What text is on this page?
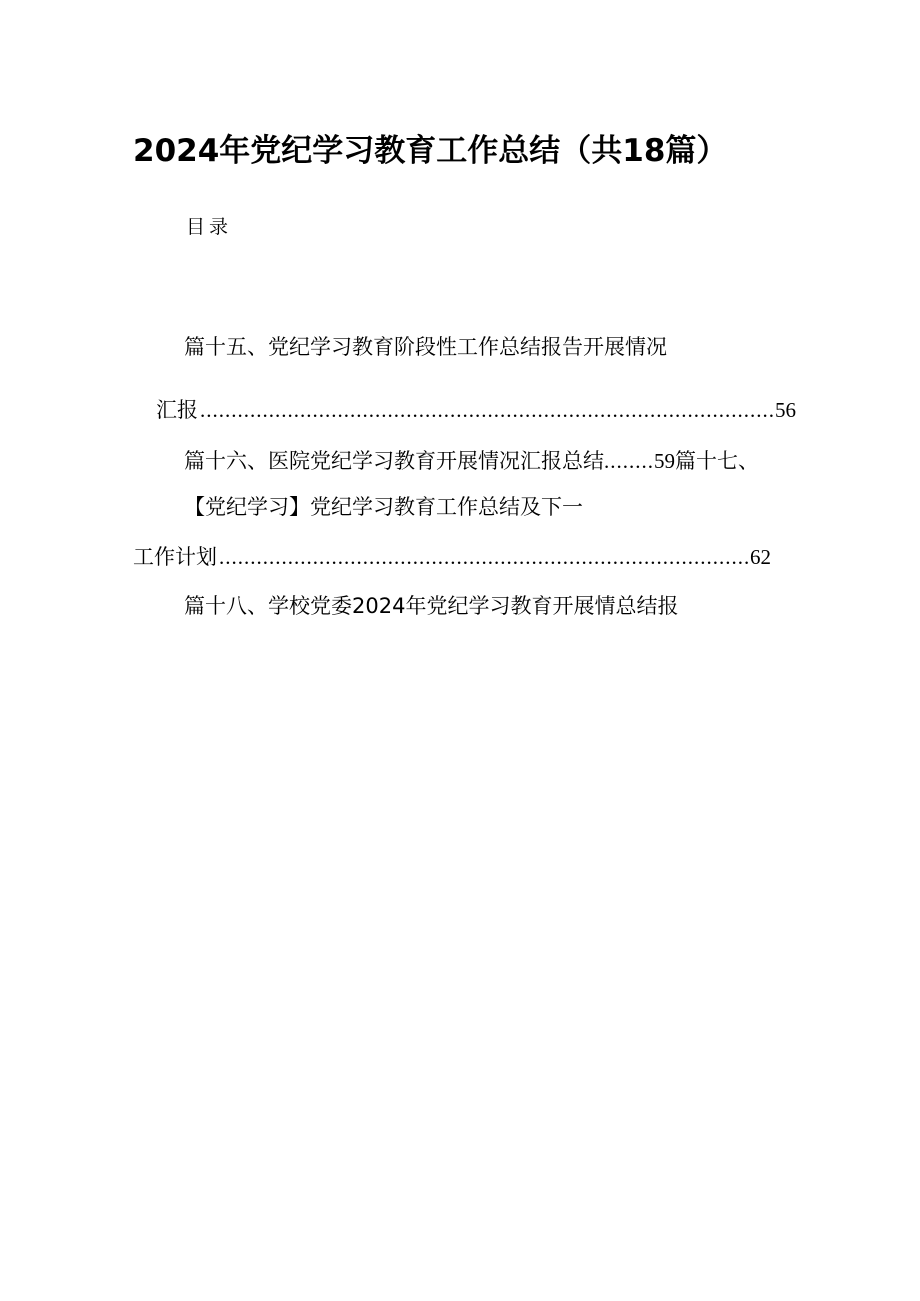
2024年党纪学习教育工作总结（共18篇）
目录
篇十五、党纪学习教育阶段性工作总结报告开展情况
汇报 .....	56
篇十六、医院党纪学习教育开展情况汇报总结........59篇十七、
【党纪学习】党纪学习教育工作总结及下一
工作计划 .....	62
篇十八、学校党委2024年党纪学习教育开展情总结报
